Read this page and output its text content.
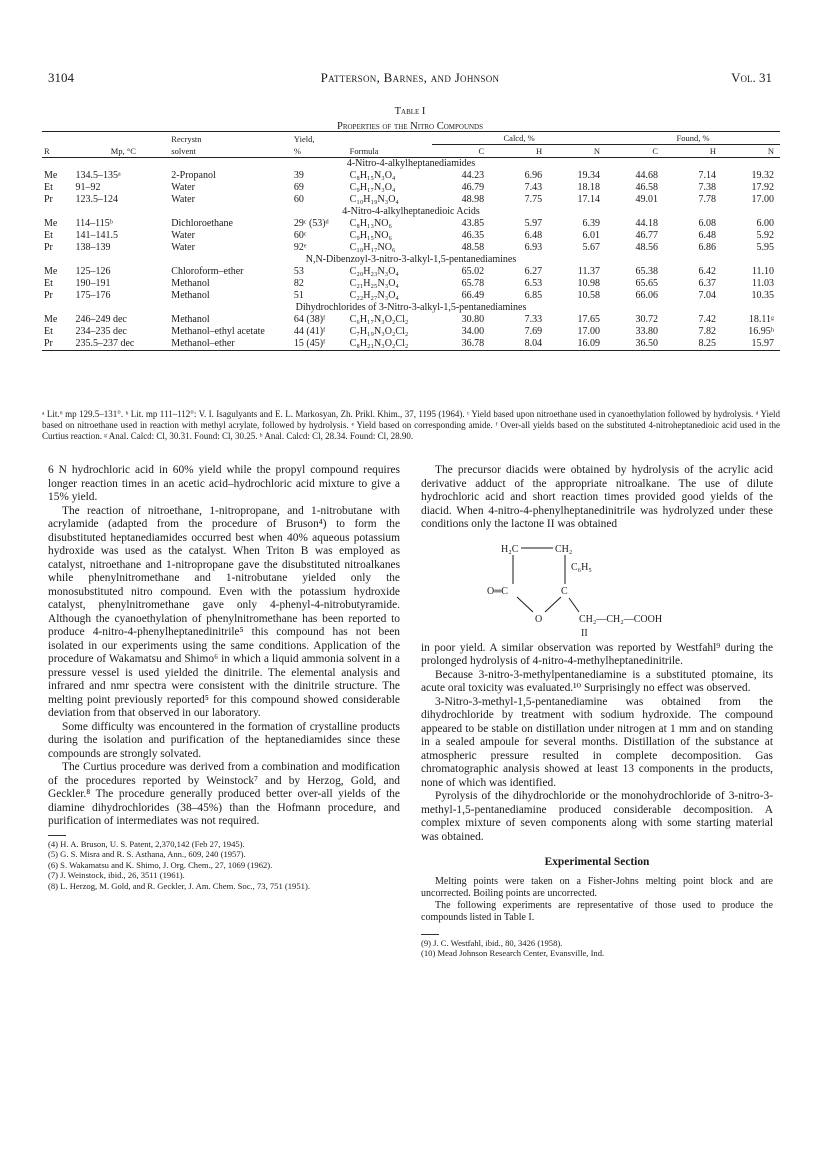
3104	Patterson, Barnes, and Johnson	Vol. 31
Table I
Properties of the Nitro Compounds
		Recrystn	Yield,		Calcd, %			Found, %		

R	Mp, °C	solvent	%	Formula	C	H	N	C	H	N
4-Nitro-4-alkylheptanediamides										
Me	134.5–135ᵃ	2-Propanol	39	C₈H₁₅N₃O₄	44.23	6.96	19.34	44.68	7.14	19.32
Et	91–92	Water	69	C₉H₁₇N₃O₄	46.79	7.43	18.18	46.58	7.38	17.92
Pr	123.5–124	Water	60	C₁₀H₁₉N₃O₄	48.98	7.75	17.14	49.01	7.78	17.00
4-Nitro-4-alkylheptanedioic Acids										
Me	114–115ᵇ	Dichloroethane	29ᶜ (53)ᵈ	C₈H₁₃NO₆	43.85	5.97	6.39	44.18	6.08	6.00
Et	141–141.5	Water	60ᶜ	C₉H₁₅NO₆	46.35	6.48	6.01	46.77	6.48	5.92
Pr	138–139	Water	92ᵉ	C₁₀H₁₇NO₆	48.58	6.93	5.67	48.56	6.86	5.95
N,N-Dibenzoyl-3-nitro-3-alkyl-1,5-pentanediamines										
Me	125–126	Chloroform–ether	53	C₂₀H₂₃N₃O₄	65.02	6.27	11.37	65.38	6.42	11.10
Et	190–191	Methanol	82	C₂₁H₂₅N₃O₄	65.78	6.53	10.98	65.65	6.37	11.03
Pr	175–176	Methanol	51	C₂₂H₂₇N₃O₄	66.49	6.85	10.58	66.06	7.04	10.35
Dihydrochlorides of 3-Nitro-3-alkyl-1,5-pentanediamines										
Me	246–249 dec	Methanol	64 (38)ᶠ	C₆H₁₇N₃O₂Cl₂	30.80	7.33	17.65	30.72	7.42	18.11ᵍ
Et	234–235 dec	Methanol–ethyl acetate	44 (41)ᶠ	C₇H₁₉N₃O₂Cl₂	34.00	7.69	17.00	33.80	7.82	16.95ʰ
Pr	235.5–237 dec	Methanol–ether	15 (45)ᶠ	C₈H₂₁N₃O₂Cl₂	36.78	8.04	16.09	36.50	8.25	15.97
ᵃ Lit.⁶ mp 129.5–131°. ᵇ Lit. mp 111–112°: V. I. Isagulyants and E. L. Markosyan, Zh. Prikl. Khim., 37, 1195 (1964). ᶜ Yield based upon nitroethane used in cyanoethylation followed by hydrolysis. ᵈ Yield based on nitroethane used in reaction with methyl acrylate, followed by hydrolysis. ᵉ Yield based on corresponding amide. ᶠ Over-all yields based on the substituted 4-nitroheptanedioic acid used in the Curtius reaction. ᵍ Anal. Calcd: Cl, 30.31. Found: Cl, 30.25. ʰ Anal. Calcd: Cl, 28.34. Found: Cl, 28.90.

6 N hydrochloric acid in 60% yield while the propyl compound requires longer reaction times in an acetic acid–hydrochloric acid mixture to give a 15% yield.

The reaction of nitroethane, 1-nitropropane, and 1-nitrobutane with acrylamide (adapted from the procedure of Bruson⁴) to form the disubstituted heptanediamides occurred best when 40% aqueous potassium hydroxide was used as the catalyst. When Triton B was employed as catalyst, nitroethane and 1-nitropropane gave the disubstituted nitroalkanes while phenylnitromethane and 1-nitrobutane yielded only the monosubstituted nitro compound. Even with the potassium hydroxide catalyst, phenylnitromethane gave only 4-phenyl-4-nitrobutyramide. Although the cyanoethylation of phenylnitromethane has been reported to produce 4-nitro-4-phenylheptanedinitrile⁵ this compound has not been isolated in our experiments using the same conditions. Application of the procedure of Wakamatsu and Shimo⁶ in which a liquid ammonia solvent in a pressure vessel is used yielded the dinitrile. The elemental analysis and infrared and nmr spectra were consistent with the dinitrile structure. The melting point previously reported⁵ for this compound showed considerable deviation from that observed in our laboratory.

Some difficulty was encountered in the formation of crystalline products during the isolation and purification of the heptanediamides since these compounds are strongly solvated.

The Curtius procedure was derived from a combination and modification of the procedures reported by Weinstock⁷ and by Herzog, Gold, and Geckler.⁸ The procedure generally produced better over-all yields of the diamine dihydrochlorides (38–45%) than the Hofmann procedure, and purification of intermediates was not required.

(4) H. A. Bruson, U. S. Patent, 2,370,142 (Feb 27, 1945).

(5) G. S. Misra and R. S. Asthana, Ann., 609, 240 (1957).

(6) S. Wakamatsu and K. Shimo, J. Org. Chem., 27, 1069 (1962).

(7) J. Weinstock, ibid., 26, 3511 (1961).

(8) L. Herzog, M. Gold, and R. Geckler, J. Am. Chem. Soc., 73, 751 (1951).

The precursor diacids were obtained by hydrolysis of the acrylic acid derivative adduct of the appropriate nitroalkane. The use of dilute hydrochloric acid and short reaction times provided good yields of the diacid. When 4-nitro-4-phenylheptanedinitrile was hydrolyzed under these conditions only the lactone II was obtained

H₂C	CH₂
C₆H₅
O═C	C
O	CH₂—CH₂—COOH
II

in poor yield. A similar observation was reported by Westfahl⁹ during the prolonged hydrolysis of 4-nitro-4-methylheptanedinitrile.

Because 3-nitro-3-methylpentanediamine is a substituted ptomaine, its acute oral toxicity was evaluated.¹⁰ Surprisingly no effect was observed.

3-Nitro-3-methyl-1,5-pentanediamine was obtained from the dihydrochloride by treatment with sodium hydroxide. The compound appeared to be stable on distillation under nitrogen at 1 mm and on standing in a sealed ampoule for several months. Distillation of the substance at atmospheric pressure resulted in complete decomposition. Gas chromatographic analysis showed at least 13 components in the products, none of which was identified.

Pyrolysis of the dihydrochloride or the monohydrochloride of 3-nitro-3-methyl-1,5-pentanediamine produced considerable decomposition. A complex mixture of seven components along with some starting material was obtained.

Experimental Section

Melting points were taken on a Fisher-Johns melting point block and are uncorrected. Boiling points are uncorrected.

The following experiments are representative of those used to produce the compounds listed in Table I.

(9) J. C. Westfahl, ibid., 80, 3426 (1958).

(10) Mead Johnson Research Center, Evansville, Ind.
